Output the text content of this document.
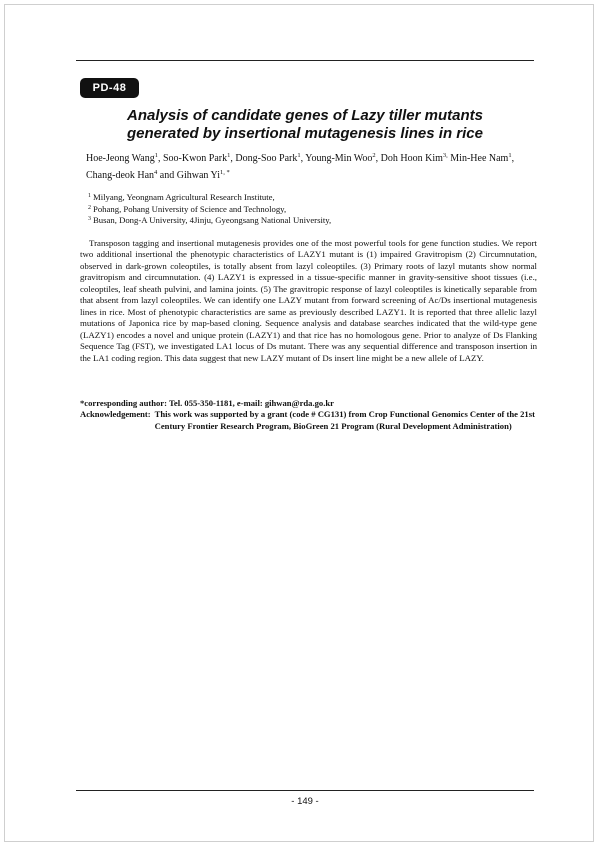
PD-48
Analysis of candidate genes of Lazy tiller mutants
generated by insertional mutagenesis lines in rice
Hoe-Jeong Wang$^1$, Soo-Kwon Park$^1$, Dong-Soo Park$^1$, Young-Min Woo$^2$, Doh Hoon Kim$^{3,}$ Min-Hee Nam$^1$,
Chang-deok Han$^4$ and Gihwan $Yi^{1, *}$
$^1$ Milyang, Yeongnam Agricultural Research Institute,
$^2$ Pohang, Pohang University of Science and Technology,
$^3$ Busan, Dong-A University, 4Jinju, Gyeongsang National University,

Transposon tagging and insertional mutagenesis provides one of the most powerful tools for gene function studies. We report two additional insertional the phenotypic characteristics of LAZY1 mutant is (1) impaired Gravitropism (2) Circumnutation, observed in dark-grown coleoptiles, is totally absent from lazyl coleoptiles. (3) Primary roots of lazyl mutants show normal gravitropism and circumnutation. (4) LAZY1 is expressed in a tissue-specific manner in gravity-sensitive shoot tissues (i.e., coleoptiles, leaf sheath pulvini, and lamina joints. (5) The gravitropic response of lazyl coleoptiles is kinetically separable from that absent from lazyl coleoptiles. We can identify one LAZY mutant from forward screening of Ac/Ds insertional mutagenesis lines in rice. Most of phenotypic characteristics are same as previously described LAZY1. It is reported that three allelic lazyl mutations of Japonica rice by map-based cloning. Sequence analysis and database searches indicated that the wild-type gene (LAZY1) encodes a novel and unique protein (LAZY1) and that rice has no homologous gene. Prior to analyze of Ds Flanking Sequence Tag (FST), we investigated LA1 locus of Ds mutant. There was any sequential difference and transposon insertion in the LA1 coding region. This data suggest that new LAZY mutant of Ds insert line might be a new allele of LAZY.

*corresponding author: Tel. 055-350-1181, e-mail: gihwan@rda.go.kr
Acknowledgement: This work was supported by a grant (code # CG131) from Crop Functional Genomics Center of the 21st Century Frontier Research Program, BioGreen 21 Program (Rural Development Administration)
- 149 -
